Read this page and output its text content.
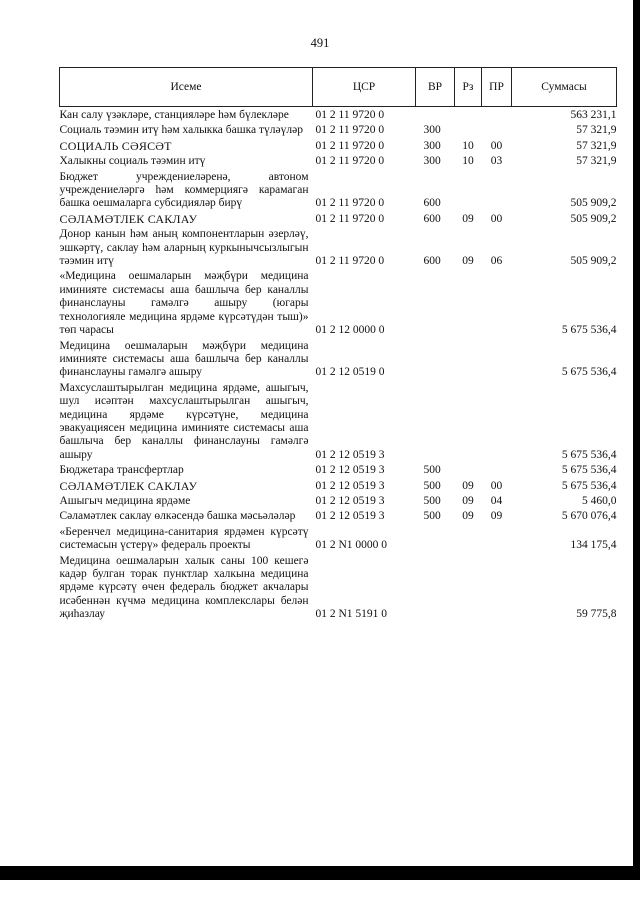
491
Исеме	ЦСР	ВР	Рз	ПР	Суммасы
Кан салу үзәкләре, станцияләре һәм бүлекләре	01 2 11 9720 0				563 231,1
Социаль тәэмин итү һәм халыкка башка түләүләр	01 2 11 9720 0	300			57 321,9
СОЦИАЛЬ СӘЯСӘТ	01 2 11 9720 0	300	10	00	57 321,9
Халыкны социаль тәэмин итү	01 2 11 9720 0	300	10	03	57 321,9
Бюджет учреждениеләренә, автоном учреждениеләргә һәм коммерциягә карамаган башка оешмаларга субсидияләр бирү	01 2 11 9720 0	600			505 909,2
СӘЛАМӘТЛЕК САКЛАУ	01 2 11 9720 0	600	09	00	505 909,2
Донор канын һәм аның компонентларын әзерләү, эшкәртү, саклау һәм аларның куркынычсызлыгын тәэмин итү	01 2 11 9720 0	600	09	06	505 909,2
«Медицина оешмаларын мәҗбүри медицина иминияте системасы аша башлыча бер каналлы финанслауны гамәлгә ашыру (югары технологияле медицина ярдәме күрсәтүдән тыш)» төп чарасы	01 2 12 0000 0				5 675 536,4
Медицина оешмаларын мәҗбүри медицина иминияте системасы аша башлыча бер каналлы финанслауны гамәлгә ашыру	01 2 12 0519 0				5 675 536,4
Махсуслаштырылган медицина ярдәме, ашыгыч, шул исәптән махсуслаштырылган ашыгыч, медицина ярдәме күрсәтүне, медицина эвакуациясен медицина иминияте системасы аша башлыча бер каналлы финанслауны гамәлгә ашыру	01 2 12 0519 3				5 675 536,4
Бюджетара трансфертлар	01 2 12 0519 3	500			5 675 536,4
СӘЛАМӘТЛЕК САКЛАУ	01 2 12 0519 3	500	09	00	5 675 536,4
Ашыгыч медицина ярдәме	01 2 12 0519 3	500	09	04	5 460,0
Сәламәтлек саклау өлкәсендә башка мәсьәләләр	01 2 12 0519 3	500	09	09	5 670 076,4
«Беренчел медицина-санитария ярдәмен күрсәтү системасын үстерү» федераль проекты	01 2 N1 0000 0				134 175,4
Медицина оешмаларын халык саны 100 кешегә кадәр булган торак пунктлар халкына медицина ярдәме күрсәтү өчен федераль бюджет акчалары исәбеннән күчмә медицина комплекслары белән җиһазлау	01 2 N1 5191 0				59 775,8
